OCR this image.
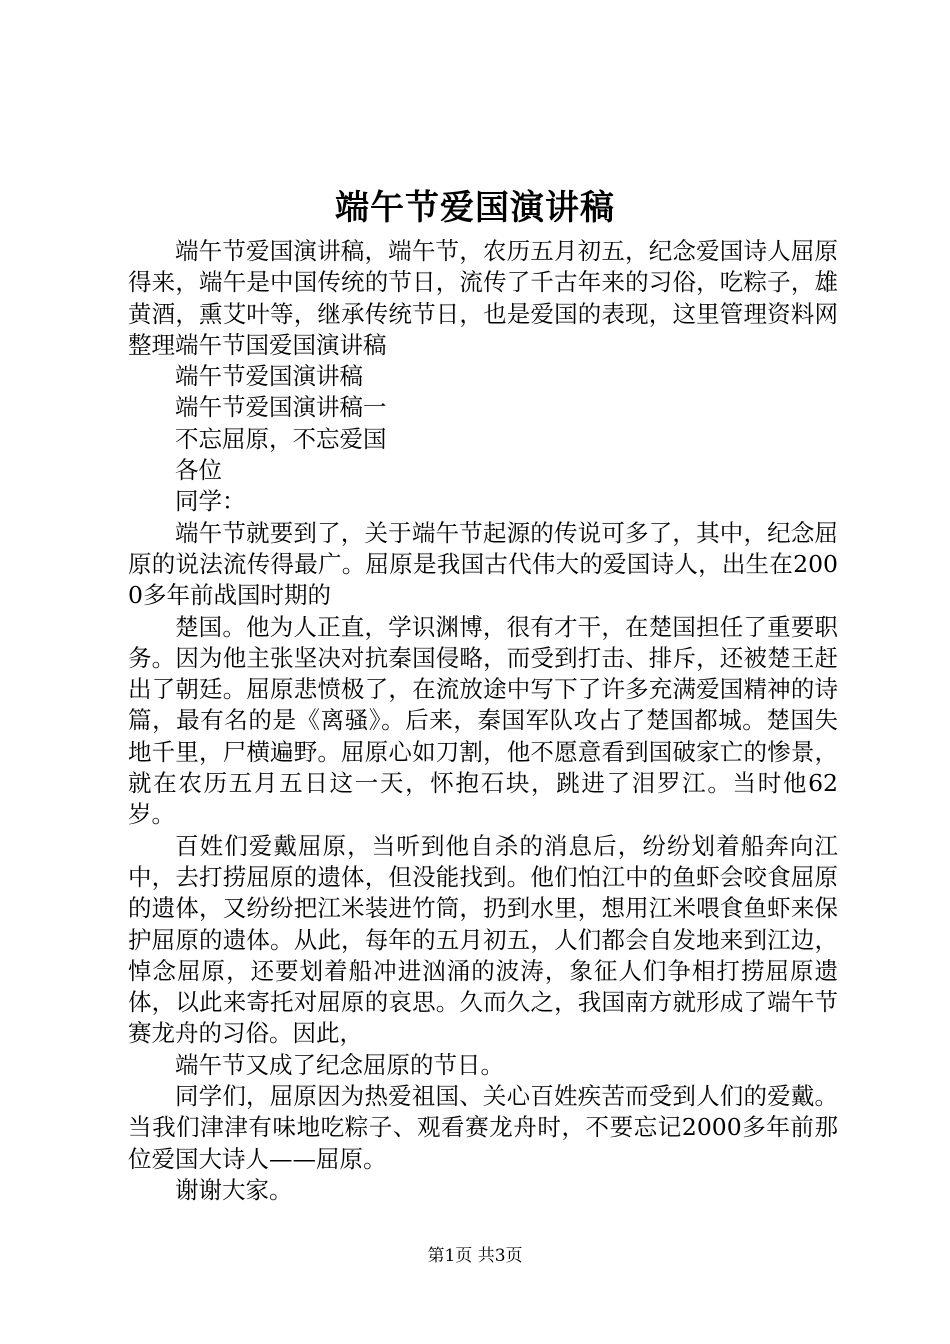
端午节爱国演讲稿

端午节爱国演讲稿，端午节，农历五月初五，纪念爱国诗人屈原得来，端午是中国传统的节日，流传了千古年来的习俗，吃粽子，雄黄酒，熏艾叶等，继承传统节日，也是爱国的表现，这里管理资料网整理端午节国爱国演讲稿

端午节爱国演讲稿

端午节爱国演讲稿一

不忘屈原，不忘爱国

各位

同学：

端午节就要到了，关于端午节起源的传说可多了，其中，纪念屈原的说法流传得最广。屈原是我国古代伟大的爱国诗人，出生在2000多年前战国时期的

楚国。他为人正直，学识渊博，很有才干，在楚国担任了重要职务。因为他主张坚决对抗秦国侵略，而受到打击、排斥，还被楚王赶出了朝廷。屈原悲愤极了，在流放途中写下了许多充满爱国精神的诗篇，最有名的是《离骚》。后来，秦国军队攻占了楚国都城。楚国失地千里，尸横遍野。屈原心如刀割，他不愿意看到国破家亡的惨景，就在农历五月五日这一天，怀抱石块，跳进了泪罗江。当时他62岁。

百姓们爱戴屈原，当听到他自杀的消息后，纷纷划着船奔向江中，去打捞屈原的遗体，但没能找到。他们怕江中的鱼虾会咬食屈原的遗体，又纷纷把江米装进竹筒，扔到水里，想用江米喂食鱼虾来保护屈原的遗体。从此，每年的五月初五，人们都会自发地来到江边，悼念屈原，还要划着船冲进汹涌的波涛，象征人们争相打捞屈原遗体，以此来寄托对屈原的哀思。久而久之，我国南方就形成了端午节赛龙舟的习俗。因此，

端午节又成了纪念屈原的节日。

同学们，屈原因为热爱祖国、关心百姓疾苦而受到人们的爱戴。当我们津津有味地吃粽子、观看赛龙舟时，不要忘记2000多年前那位爱国大诗人——屈原。

谢谢大家。

第1页 共3页
